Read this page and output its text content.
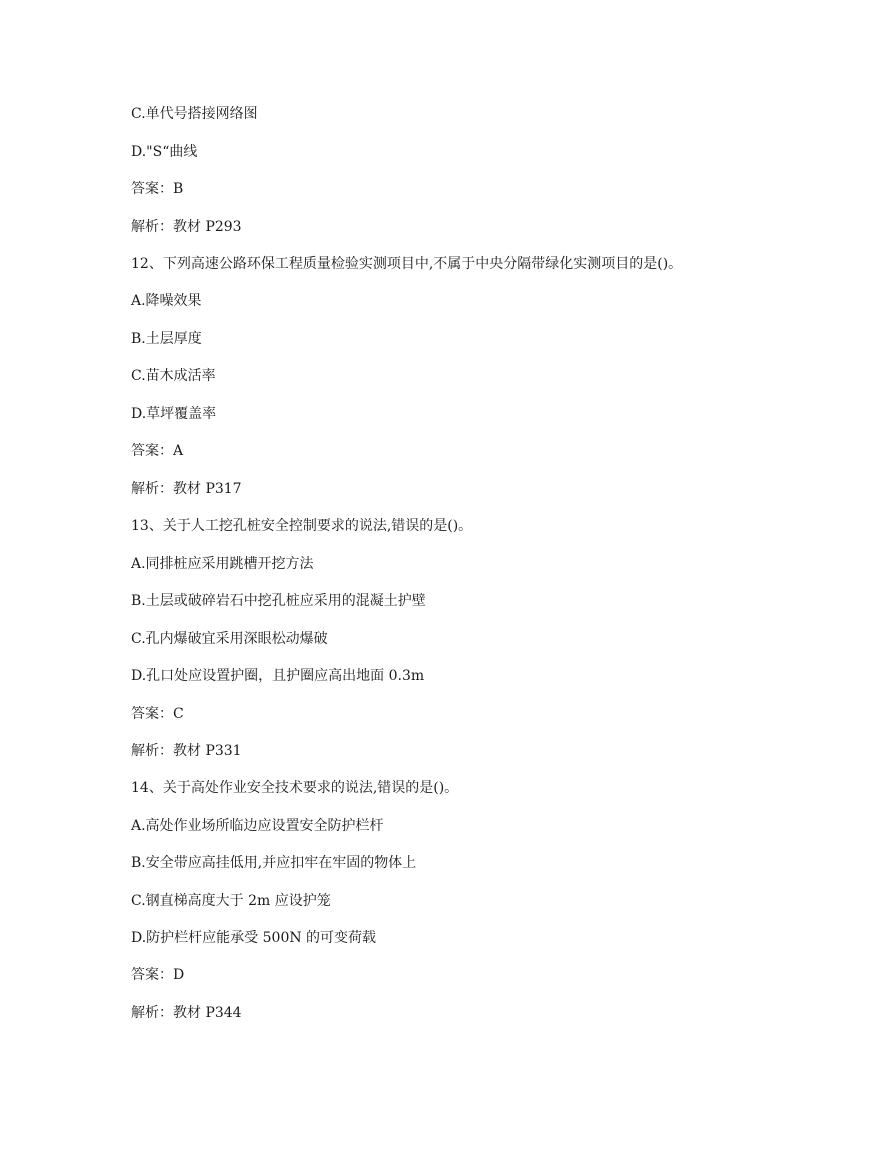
C.单代号搭接网络图

D."S“曲线

答案：B

解析：教材 P293

12、下列高速公路环保工程质量检验实测项目中,不属于中央分隔带绿化实测项目的是()。

A.降噪效果

B.土层厚度

C.苗木成活率

D.草坪覆盖率

答案：A

解析：教材 P317

13、关于人工挖孔桩安全控制要求的说法,错误的是()。

A.同排桩应采用跳槽开挖方法

B.土层或破碎岩石中挖孔桩应采用的混凝土护壁

C.孔内爆破宜采用深眼松动爆破

D.孔口处应设置护圈，且护圈应高出地面 0.3m

答案：C

解析：教材 P331

14、关于高处作业安全技术要求的说法,错误的是()。

A.高处作业场所临边应设置安全防护栏杆

B.安全带应高挂低用,并应扣牢在牢固的物体上

C.钢直梯高度大于 2m 应设护笼

D.防护栏杆应能承受 500N 的可变荷载

答案：D

解析：教材 P344
